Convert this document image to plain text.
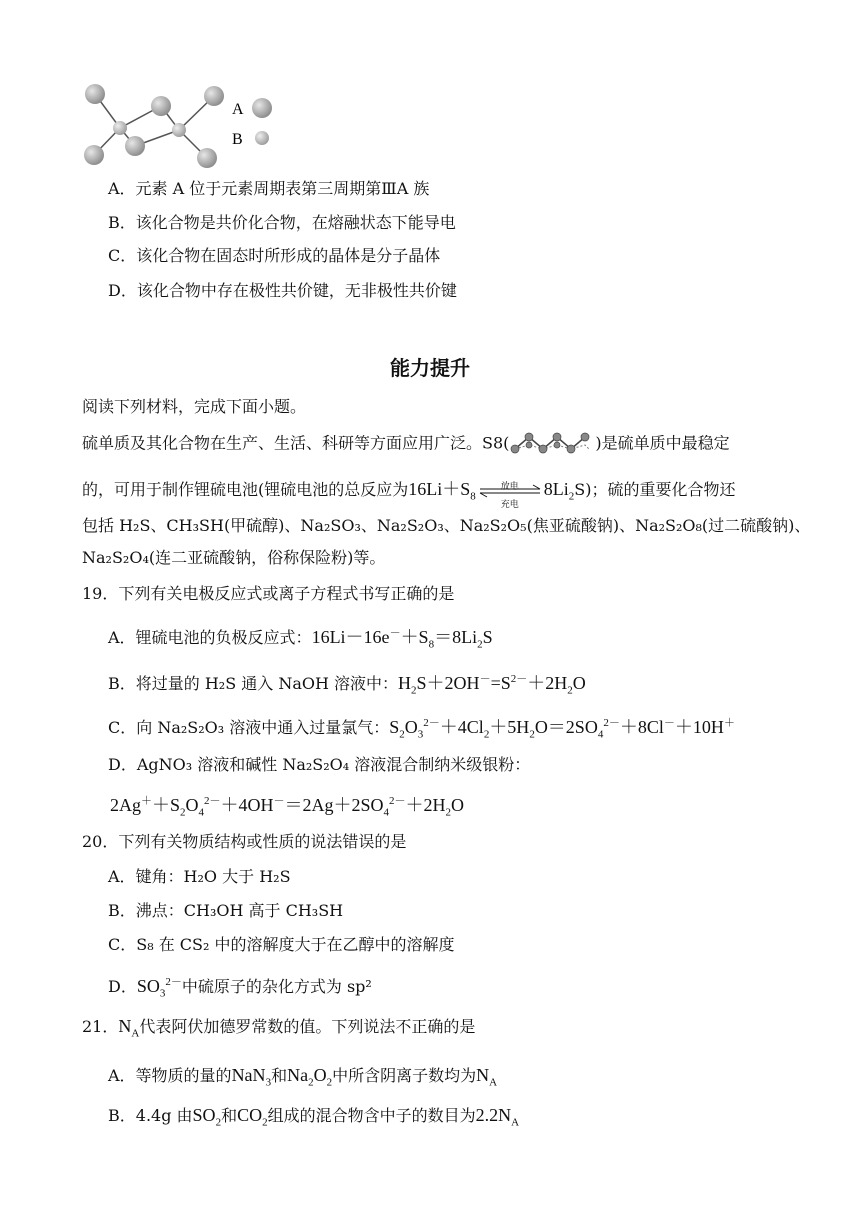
A
B
A．元素 A 位于元素周期表第三周期第ⅢA 族
B．该化合物是共价化合物，在熔融状态下能导电
C．该化合物在固态时所形成的晶体是分子晶体
D．该化合物中存在极性共价键，无非极性共价键
能力提升
阅读下列材料，完成下面小题。
硫单质及其化合物在生产、生活、科研等方面应用广泛。S8(	)是硫单质中最稳定
的，可用于制作锂硫电池(锂硫电池的总反应为$16Li+S_8$
放电
充电
$8Li_2S$)；硫的重要化合物还
包括 H₂S、CH₃SH(甲硫醇)、Na₂SO₃、Na₂S₂O₃、Na₂S₂O₅(焦亚硫酸钠)、Na₂S₂O₈(过二硫酸钠)、
Na₂S₂O₄(连二亚硫酸钠，俗称保险粉)等。
19．下列有关电极反应式或离子方程式书写正确的是
A．锂硫电池的负极反应式：$16Li-16e^-+S_8=8Li_2S$
B．将过量的 H₂S 通入 NaOH 溶液中：$H_2S+2OH^-=S^{2-}+2H_2O$
C．向 Na₂S₂O₃ 溶液中通入过量氯气：$S_2O_3^{2-}+4Cl_2+5H_2O=2SO_4^{2-}+8Cl^-+10H^+$
D．AgNO₃ 溶液和碱性 Na₂S₂O₄ 溶液混合制纳米级银粉：
$2Ag^++S_2O_4^{2-}+4OH^-=2Ag+2SO_4^{2-}+2H_2O$
20．下列有关物质结构或性质的说法错误的是
A．键角：H₂O 大于 H₂S
B．沸点：CH₃OH 高于 CH₃SH
C．S₈ 在 CS₂ 中的溶解度大于在乙醇中的溶解度
D．$SO_3^{2-}$中硫原子的杂化方式为 sp²
21．$N_A$代表阿伏加德罗常数的值。下列说法不正确的是
A．等物质的量的NaN$_3$和$Na_2O_2$中所含阴离子数均为$N_A$
B．4.4g 由$SO_2$和$CO_2$组成的混合物含中子的数目为$2.2N_A$
